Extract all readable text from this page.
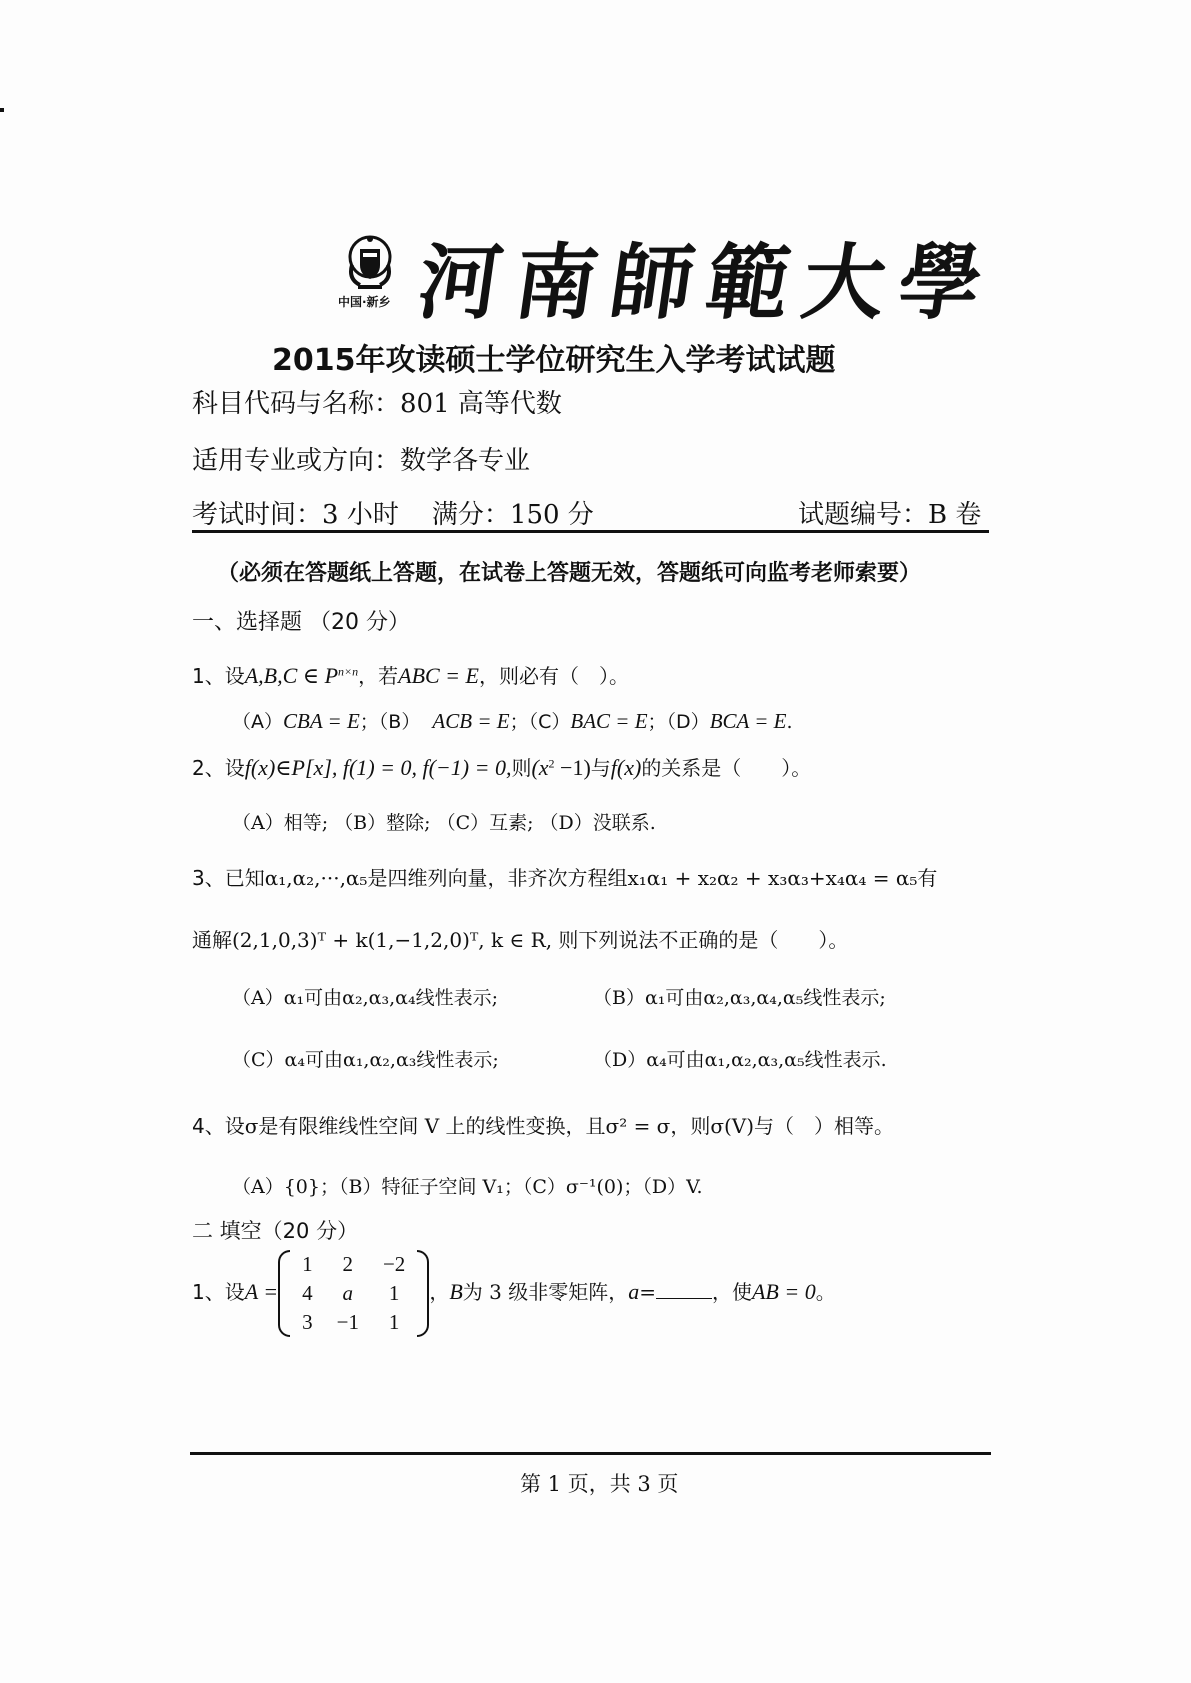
中国·新乡 河南師範大學
2015年攻读硕士学位研究生入学考试试题
科目代码与名称：801 高等代数
适用专业或方向：数学各专业
考试时间：3 小时 满分：150 分	试题编号：B 卷
（必须在答题纸上答题，在试卷上答题无效，答题纸可向监考老师索要）
一、选择题 （20 分）
1、设A,B,C ∈ $P^{n\times n}$，若ABC = E，则必有（　）。
（A）CBA = E；（B） ACB = E；（C）BAC = E；（D）BCA = E.
2、设f(x)∈P[x], f(1) = 0, f(−1) = 0,则$(x^2 -1)$与f(x)的关系是（　　）。
（A）相等; （B）整除; （C）互素; （D）没联系.
3、已知α₁,α₂,···,α₅是四维列向量，非齐次方程组x₁α₁ + x₂α₂ + x₃α₃+x₄α₄ = α₅有
通解(2,1,0,3)ᵀ + k(1,−1,2,0)ᵀ, k ∈ R, 则下列说法不正确的是（　　）。
（A）α₁可由α₂,α₃,α₄线性表示;	（B）α₁可由α₂,α₃,α₄,α₅线性表示;
（C）α₄可由α₁,α₂,α₃线性表示;	（D）α₄可由α₁,α₂,α₃,α₅线性表示.
4、设σ是有限维线性空间 V 上的线性变换，且σ² = σ，则σ(V)与（　）相等。
（A）{0}；（B）特征子空间 V₁；（C）σ⁻¹(0)；（D）V.
二 填空（20 分）
1、设A =
1	2	−2
4	a	1
3	−1	1
，B为 3 级非零矩阵，a=	，使AB = 0。
第 1 页，共 3 页
